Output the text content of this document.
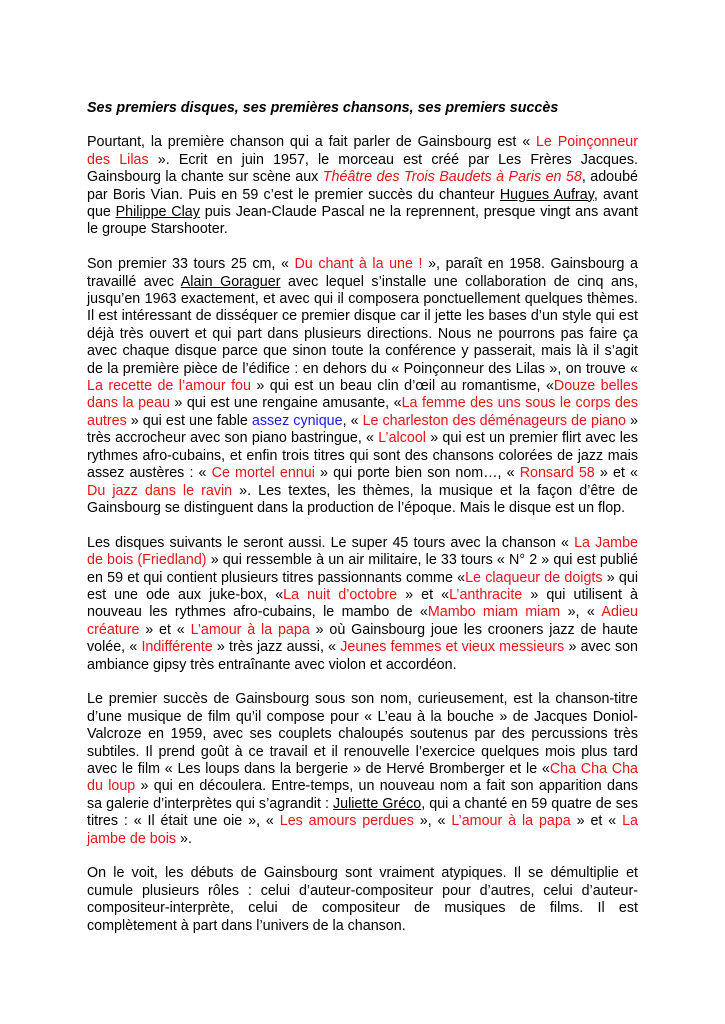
Ses premiers disques, ses premières chansons, ses premiers succès

Pourtant, la première chanson qui a fait parler de Gainsbourg est « Le Poinçonneur des Lilas ». Ecrit en juin 1957, le morceau est créé par Les Frères Jacques. Gainsbourg la chante sur scène aux Théâtre des Trois Baudets à Paris en 58, adoubé par Boris Vian. Puis en 59 c’est le premier succès du chanteur Hugues Aufray, avant que Philippe Clay puis Jean-Claude Pascal ne la reprennent, presque vingt ans avant le groupe Starshooter.

Son premier 33 tours 25 cm, « Du chant à la une ! », paraît en 1958. Gainsbourg a travaillé avec Alain Goraguer avec lequel s’installe une collaboration de cinq ans, jusqu’en 1963 exactement, et avec qui il composera ponctuellement quelques thèmes. Il est intéressant de disséquer ce premier disque car il jette les bases d’un style qui est déjà très ouvert et qui part dans plusieurs directions. Nous ne pourrons pas faire ça avec chaque disque parce que sinon toute la conférence y passerait, mais là il s’agit de la première pièce de l’édifice : en dehors du « Poinçonneur des Lilas », on trouve « La recette de l’amour fou » qui est un beau clin d’œil au romantisme, «Douze belles dans la peau » qui est une rengaine amusante, «La femme des uns sous le corps des autres » qui est une fable assez cynique, « Le charleston des déménageurs de piano » très accrocheur avec son piano bastringue, « L’alcool » qui est un premier flirt avec les rythmes afro-cubains, et enfin trois titres qui sont des chansons colorées de jazz mais assez austères : « Ce mortel ennui » qui porte bien son nom…, « Ronsard 58 » et « Du jazz dans le ravin ». Les textes, les thèmes, la musique et la façon d’être de Gainsbourg se distinguent dans la production de l’époque. Mais le disque est un flop.

Les disques suivants le seront aussi. Le super 45 tours avec la chanson « La Jambe de bois (Friedland) » qui ressemble à un air militaire, le 33 tours « N° 2 » qui est publié en 59 et qui contient plusieurs titres passionnants comme «Le claqueur de doigts » qui est une ode aux juke-box, «La nuit d’octobre » et «L’anthracite » qui utilisent à nouveau les rythmes afro-cubains, le mambo de «Mambo miam miam », « Adieu créature » et « L’amour à la papa » où Gainsbourg joue les crooners jazz de haute volée, « Indifférente » très jazz aussi, « Jeunes femmes et vieux messieurs » avec son ambiance gipsy très entraînante avec violon et accordéon.

Le premier succès de Gainsbourg sous son nom, curieusement, est la chanson-titre d’une musique de film qu’il compose pour « L’eau à la bouche » de Jacques Doniol-Valcroze en 1959, avec ses couplets chaloupés soutenus par des percussions très subtiles. Il prend goût à ce travail et il renouvelle l’exercice quelques mois plus tard avec le film « Les loups dans la bergerie » de Hervé Bromberger et le «Cha Cha Cha du loup » qui en découlera. Entre-temps, un nouveau nom a fait son apparition dans sa galerie d’interprètes qui s’agrandit : Juliette Gréco, qui a chanté en 59 quatre de ses titres : « Il était une oie », « Les amours perdues », « L’amour à la papa » et « La jambe de bois ».

On le voit, les débuts de Gainsbourg sont vraiment atypiques. Il se démultiplie et cumule plusieurs rôles : celui d’auteur-compositeur pour d’autres, celui d’auteur-compositeur-interprète, celui de compositeur de musiques de films. Il est complètement à part dans l’univers de la chanson.
